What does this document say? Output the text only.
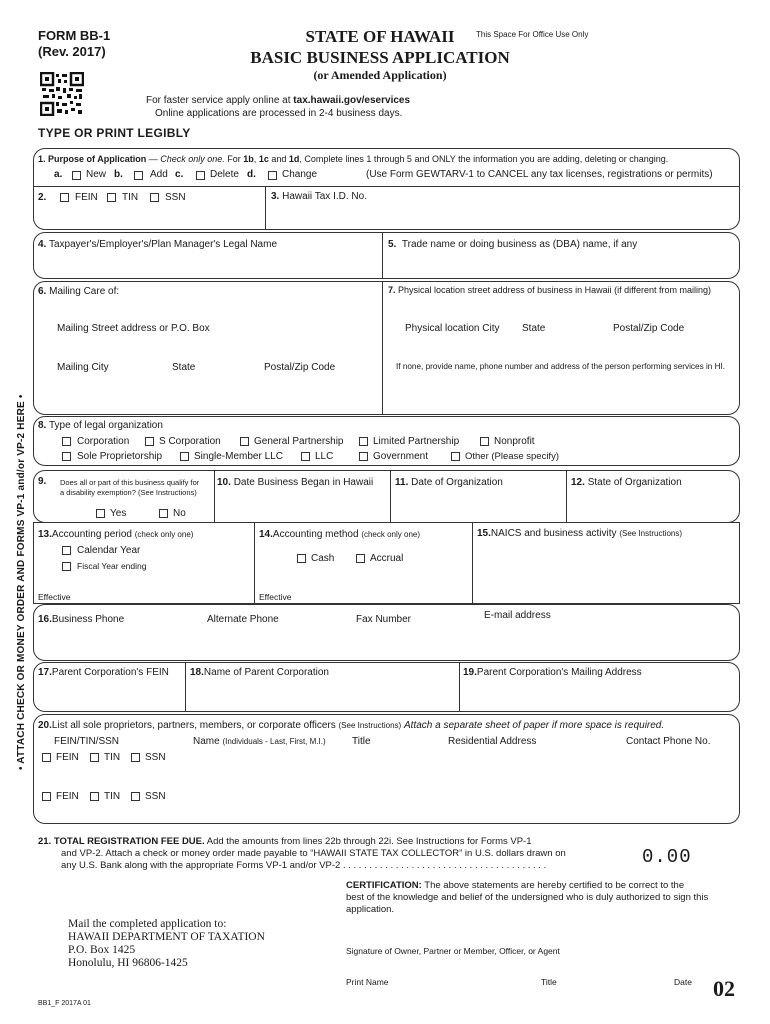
FORM BB-1
(Rev. 2017)
STATE OF HAWAII
BASIC BUSINESS APPLICATION
(or Amended Application)
This Space For Office Use Only
For faster service apply online at tax.hawaii.gov/eservices
Online applications are processed in 2-4 business days.
TYPE OR PRINT LEGIBLY
• ATTACH CHECK OR MONEY ORDER AND FORMS VP-1 and/or VP-2 HERE •
1. Purpose of Application — Check only one. For 1b, 1c and 1d, Complete lines 1 through 5 and ONLY the information you are adding, deleting or changing.
a. New b.	Add c.	Delete d.	Change	(Use Form GEWTARV-1 to CANCEL any tax licenses, registrations or permits)
2.	FEIN TIN	SSN	3. Hawaii Tax I.D. No.
4. Taxpayer's/Employer's/Plan Manager's Legal Name	5. Trade name or doing business as (DBA) name, if any
6. Mailing Care of:
Mailing Street address or P.O. Box
Mailing City	State	Postal/Zip Code
7. Physical location street address of business in Hawaii (if different from mailing)
Physical location City State	Postal/Zip Code
If none, provide name, phone number and address of the person performing services in HI.
8. Type of legal organization
Corporation	S Corporation	General Partnership	Limited Partnership	Nonprofit
Sole Proprietorship	Single-Member LLC	LLC	Government	Other (Please specify)
9. Does all or part of this business qualify for
a disability exemption? (See Instructions)
Yes	No
10. Date Business Began in Hawaii 11. Date of Organization	12. State of Organization
13.Accounting period (check only one)
Calendar Year
Fiscal Year ending
Effective
14.Accounting method (check only one)
Cash	Accrual
Effective
15.NAICS and business activity (See Instructions)
16.Business Phone	Alternate Phone	Fax Number	E-mail address
17.Parent Corporation's FEIN 18.Name of Parent Corporation	19.Parent Corporation's Mailing Address
20.List all sole proprietors, partners, members, or corporate officers (See Instructions) Attach a separate sheet of paper if more space is required.
FEIN/TIN/SSN	Name (Individuals - Last, First, M.I.)	Title	Residential Address	Contact Phone No.
FEIN	TIN SSN
FEIN	TIN SSN
21. TOTAL REGISTRATION FEE DUE. Add the amounts from lines 22b through 22i. See Instructions for Forms VP-1
and VP-2. Attach a check or money order made payable to “HAWAII STATE TAX COLLECTOR” in U.S. dollars drawn on
any U.S. Bank along with the appropriate Forms VP-1 and/or VP-2 . . . . . . . . . . . . . . . . . . . . . . . . . . . . . . . . . . . . . . .	0.00
CERTIFICATION: The above statements are hereby certified to be correct to the
best of the knowledge and belief of the undersigned who is duly authorized to sign this
application.
Signature of Owner, Partner or Member, Officer, or Agent
Print Name	Title	Date
Mail the completed application to:
HAWAII DEPARTMENT OF TAXATION
P.O. Box 1425
Honolulu, HI 96806-1425
BB1_F 2017A 01
02
